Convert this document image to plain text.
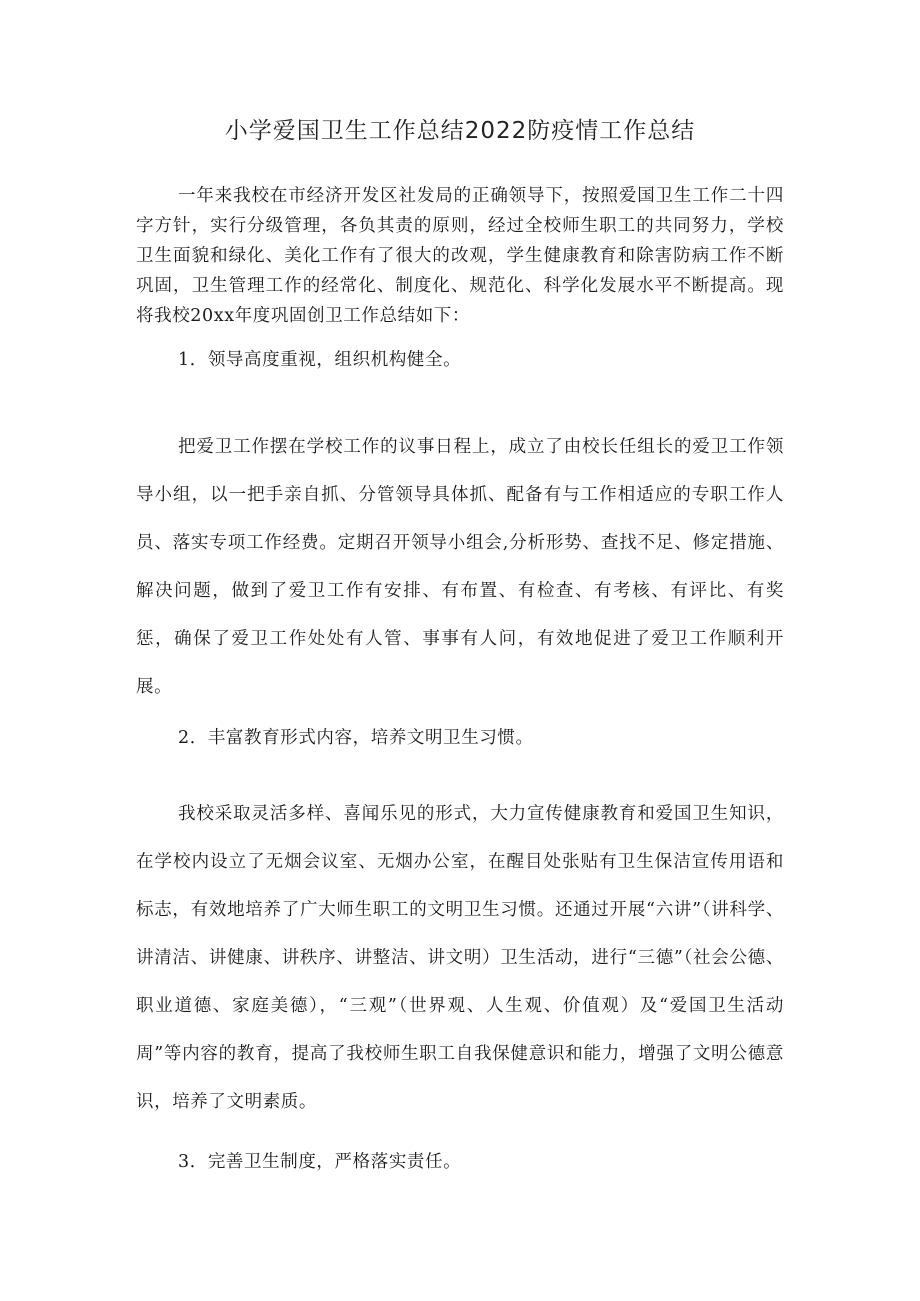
小学爱国卫生工作总结2022防疫情工作总结

一年来我校在市经济开发区社发局的正确领导下，按照爱国卫生工作二十四字方针，实行分级管理，各负其责的原则，经过全校师生职工的共同努力，学校卫生面貌和绿化、美化工作有了很大的改观，学生健康教育和除害防病工作不断巩固，卫生管理工作的经常化、制度化、规范化、科学化发展水平不断提高。现将我校20xx年度巩固创卫工作总结如下：

1．领导高度重视，组织机构健全。

把爱卫工作摆在学校工作的议事日程上，成立了由校长任组长的爱卫工作领导小组，以一把手亲自抓、分管领导具体抓、配备有与工作相适应的专职工作人员、落实专项工作经费。定期召开领导小组会,分析形势、查找不足、修定措施、解决问题，做到了爱卫工作有安排、有布置、有检查、有考核、有评比、有奖惩，确保了爱卫工作处处有人管、事事有人问，有效地促进了爱卫工作顺利开展。

2．丰富教育形式内容，培养文明卫生习惯。

我校采取灵活多样、喜闻乐见的形式，大力宣传健康教育和爱国卫生知识，在学校内设立了无烟会议室、无烟办公室，在醒目处张贴有卫生保洁宣传用语和标志，有效地培养了广大师生职工的文明卫生习惯。还通过开展“六讲”（讲科学、讲清洁、讲健康、讲秩序、讲整洁、讲文明）卫生活动，进行“三德”（社会公德、职业道德、家庭美德），“三观”（世界观、人生观、价值观）及“爱国卫生活动周”等内容的教育，提高了我校师生职工自我保健意识和能力，增强了文明公德意识，培养了文明素质。

3．完善卫生制度，严格落实责任。
